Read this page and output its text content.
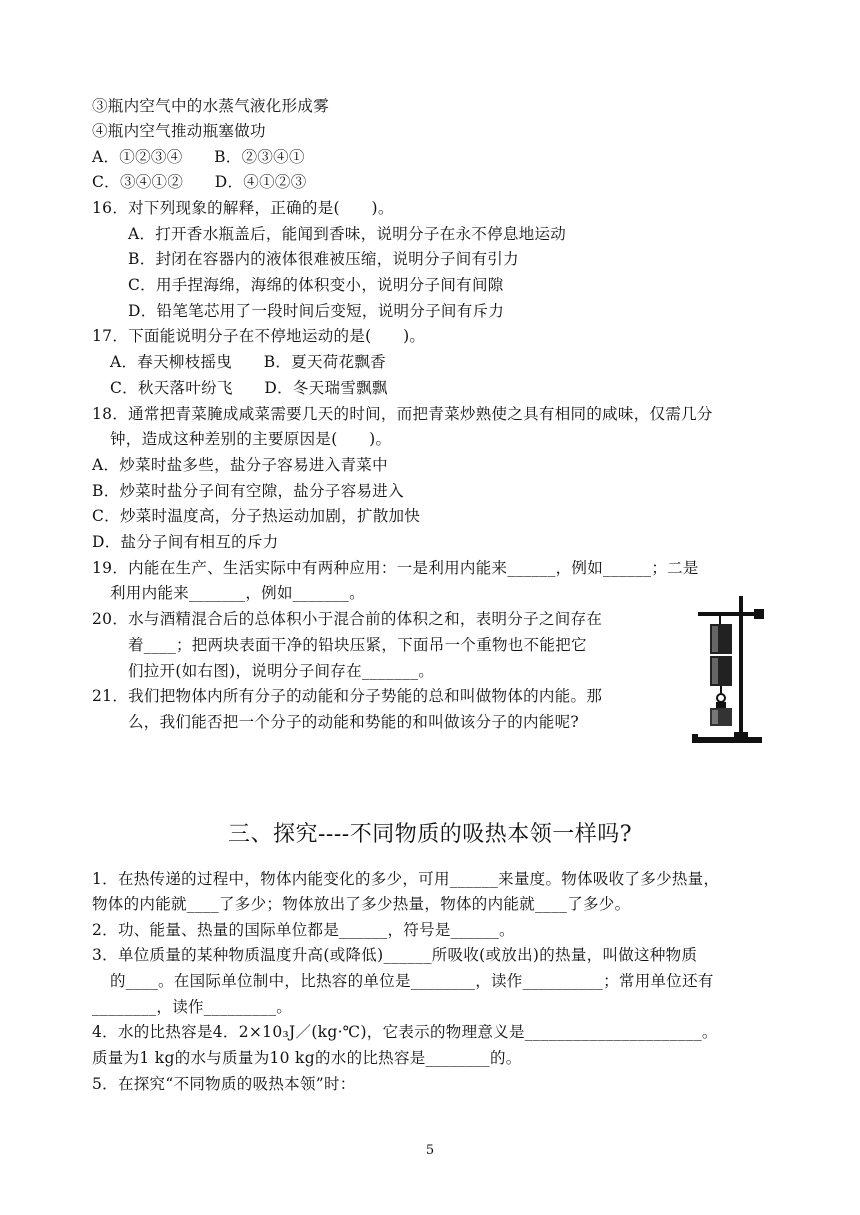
③瓶内空气中的水蒸气液化形成雾
④瓶内空气推动瓶塞做功
A．①②③④　　B．②③④①
C．③④①②　　D．④①②③
16．对下列现象的解释，正确的是(　　)。
A．打开香水瓶盖后，能闻到香味，说明分子在永不停息地运动
B．封闭在容器内的液体很难被压缩，说明分子间有引力
C．用手捏海绵，海绵的体积变小，说明分子间有间隙
D．铅笔笔芯用了一段时间后变短，说明分子间有斥力
17．下面能说明分子在不停地运动的是(　　)。
A．春天柳枝摇曳　　B．夏天荷花飘香
C．秋天落叶纷飞　　D．冬天瑞雪飘飘
18．通常把青菜腌成咸菜需要几天的时间，而把青菜炒熟使之具有相同的咸味，仅需几分
钟，造成这种差别的主要原因是(　　)。
A．炒菜时盐多些，盐分子容易进入青菜中
B．炒菜时盐分子间有空隙，盐分子容易进入
C．炒菜时温度高，分子热运动加剧，扩散加快
D．盐分子间有相互的斥力
19．内能在生产、生活实际中有两种应用：一是利用内能来______，例如______；二是
利用内能来_______，例如_______。
20．水与酒精混合后的总体积小于混合前的体积之和，表明分子之间存在
着____；把两块表面干净的铅块压紧，下面吊一个重物也不能把它
们拉开(如右图)，说明分子间存在_______。
21．我们把物体内所有分子的动能和分子势能的总和叫做物体的内能。那
么，我们能否把一个分子的动能和势能的和叫做该分子的内能呢?
三、探究----不同物质的吸热本领一样吗?
1．在热传递的过程中，物体内能变化的多少，可用______来量度。物体吸收了多少热量，
物体的内能就____了多少；物体放出了多少热量，物体的内能就____了多少。
2．功、能量、热量的国际单位都是______，符号是______。
3．单位质量的某种物质温度升高(或降低)______所吸收(或放出)的热量，叫做这种物质
的____。在国际单位制中，比热容的单位是________，读作__________；常用单位还有
________，读作_________。
4．水的比热容是4．2×10₃J／(kg·℃)，它表示的物理意义是______________________。
质量为1 kg的水与质量为10 kg的水的比热容是________的。
5．在探究“不同物质的吸热本领”时：
5
